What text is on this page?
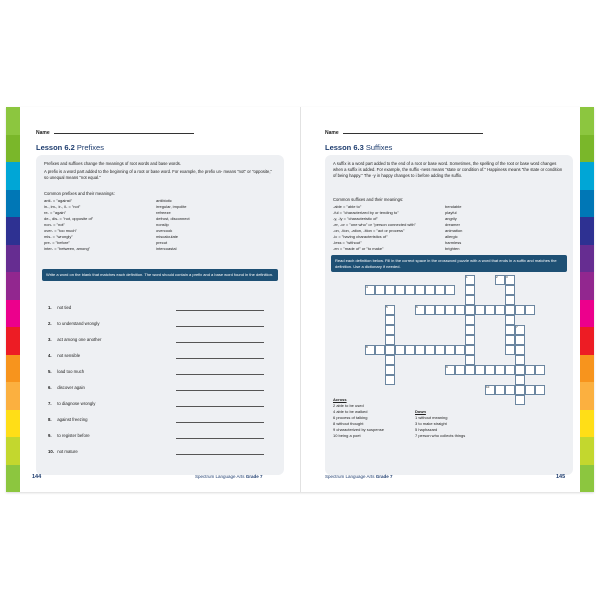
Name
Lesson 6.2 Prefixes

Prefixes and suffixes change the meanings of root words and base words.

A prefix is a word part added to the beginning of a root or base word. For example, the prefix un- means "not" or "opposite," so unequal means "not equal."

Common prefixes and their meanings:
anti- = "against"	antibiotic
in-, im-, ir-, il- = "not"	irregular, impolite
re- = "again"	refreeze
de-, dis- = "not, opposite of"	defrost, disconnect
non- = "not"	nonslip
over- = "too much"	overcook
mis- = "wrongly"	miscalculate
pre- = "before"	precut
inter- = "between, among"	intercoastal
Write a word on the blank that matches each definition. The word should contain a prefix and a base word found in the definition.
1. not tied
2. to understand wrongly
3. act among one another
4. not sensible
5. load too much
6. discover again
7. to diagnose wrongly
8. against freezing
9. to register before
10. not mature
144	Spectrum Language Arts Grade 7
Name
Lesson 6.3 Suffixes

A suffix is a word part added to the end of a root or base word. Sometimes, the spelling of the root or base word changes when a suffix is added. For example, the suffix -ness means "state or condition of." Happiness means "the state or condition of being happy." The -y in happy changes to i before adding the suffix.

Common suffixes and their meanings:
-able = "able to"	bendable
-ful = "characterized by or tending to"	playful
-y, -ly = "characteristic of"	angrily
-er, -or = "one who" or "person connected with"	dreamer
-on, -tion, -ation, -ition = "act or process"	animation
-ic = "having characteristics of"	allergic
-less = "without"	harmless
-en = "made of" or "to make"	brighten
Read each definition below. Fill in the correct space in the crossword puzzle with a word that ends in a suffix and matches the definition. Use a dictionary if needed.
1	2	3
4
5	6
7
8
9
10
Across
2 able to be used
4 able to be walked
6 process of talking
8 without thought
9 characterized by suspense
10 being a poet
Down
1 without meaning
3 to make straight
5 haphazard
7 person who collects things
Spectrum Language Arts Grade 7	145
